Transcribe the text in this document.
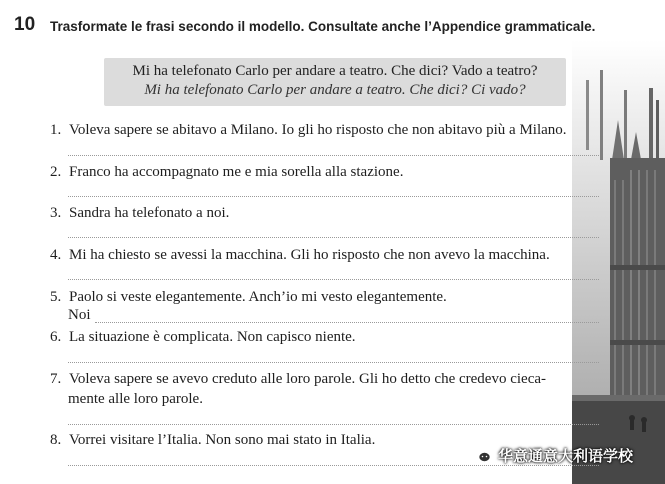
10 Trasformate le frasi secondo il modello. Consultate anche l’Appendice grammaticale.
Mi ha telefonato Carlo per andare a teatro. Che dici? Vado a teatro?
Mi ha telefonato Carlo per andare a teatro. Che dici? Ci vado?
1. Voleva sapere se abitavo a Milano. Io gli ho risposto che non abitavo più a Milano.
2. Franco ha accompagnato me e mia sorella alla stazione.
3. Sandra ha telefonato a noi.
4. Mi ha chiesto se avessi la macchina. Gli ho risposto che non avevo la macchina.
5. Paolo si veste elegantemente. Anch’io mi vesto elegantemente.
Noi
6. La situazione è complicata. Non capisco niente.
7. Voleva sapere se avevo creduto alle loro parole. Gli ho detto che credevo cieca-
mente alle loro parole.
8. Vorrei visitare l’Italia. Non sono mai stato in Italia.
华意通意大利语学校
